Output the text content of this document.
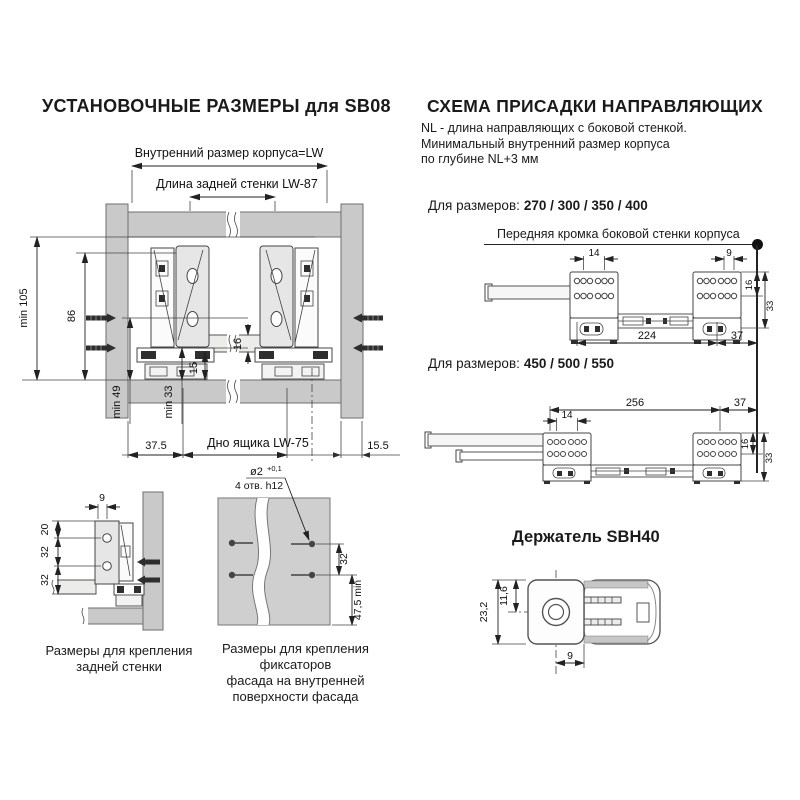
УСТАНОВОЧНЫЕ РАЗМЕРЫ для SB08
Внутренний размер корпуса=LW
Длина задней стенки LW-87
min 105	86
min 49	min 33
16
15
37.5	Дно ящика LW-75	15.5
9
20
32
32
Размеры для крепления
задней стенки
ø2 +0,1
4 отв. h12
32
47,5 min
Размеры для крепления фиксаторов
фасада на внутренней
поверхности фасада
СХЕМА ПРИСАДКИ НАПРАВЛЯЮЩИХ
NL - длина направляющих с боковой стенкой.
Минимальный внутренний размер корпуса
по глубине NL+3 мм
Для размеров: 270 / 300 / 350 / 400
Передняя кромка боковой стенки корпуса
14	9
224	37
16
33
Для размеров: 450 / 500 / 550
256	37
14
16
33
Держатель SBH40
23,2
11,6
9
